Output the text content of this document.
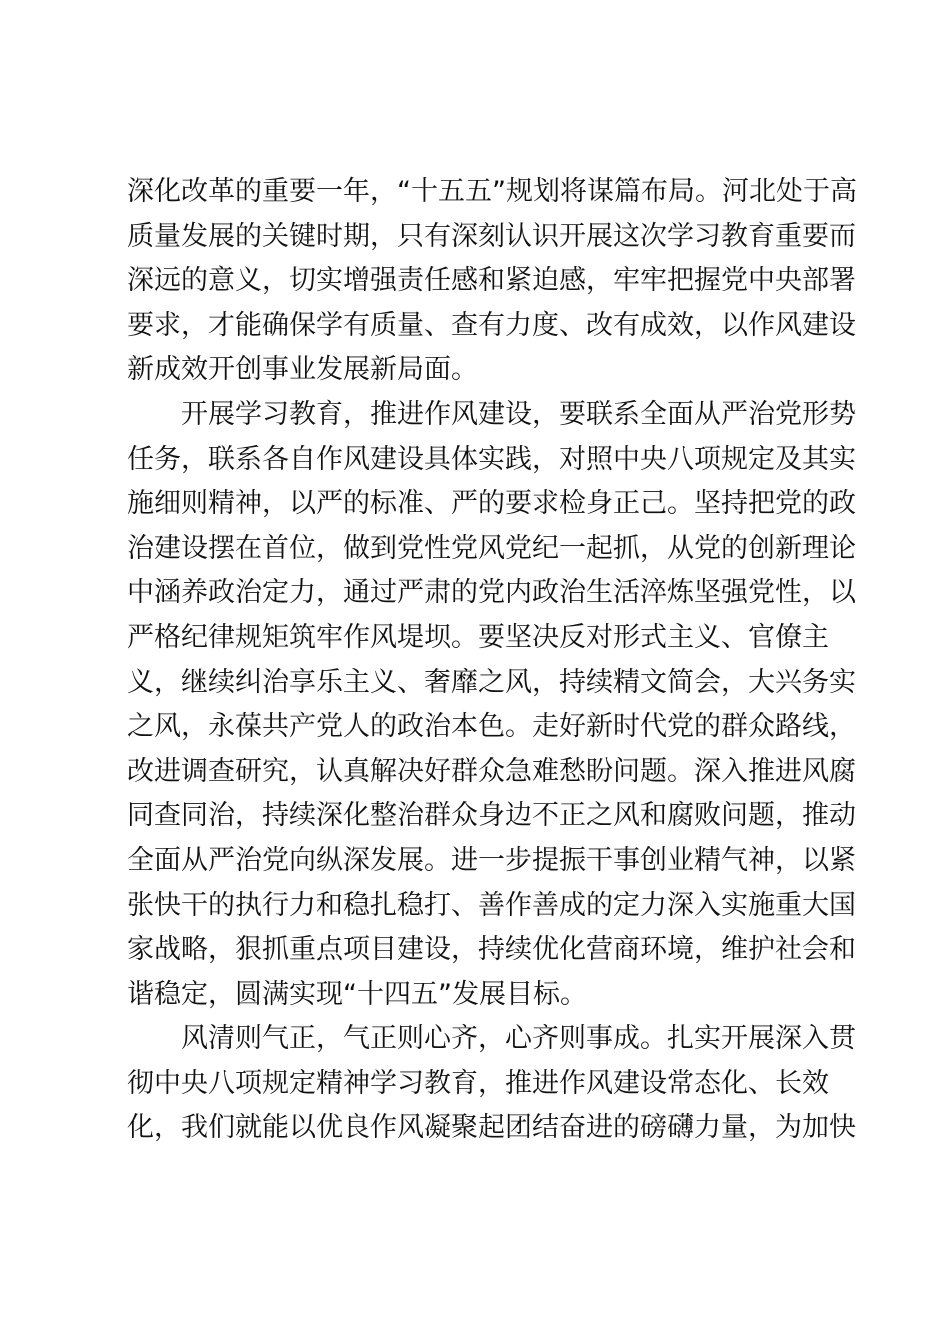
深化改革的重要一年，“十五五”规划将谋篇布局。河北处于高
质量发展的关键时期，只有深刻认识开展这次学习教育重要而
深远的意义，切实增强责任感和紧迫感，牢牢把握党中央部署
要求，才能确保学有质量、查有力度、改有成效，以作风建设
新成效开创事业发展新局面。
　　开展学习教育，推进作风建设，要联系全面从严治党形势
任务，联系各自作风建设具体实践，对照中央八项规定及其实
施细则精神，以严的标准、严的要求检身正己。坚持把党的政
治建设摆在首位，做到党性党风党纪一起抓，从党的创新理论
中涵养政治定力，通过严肃的党内政治生活淬炼坚强党性，以
严格纪律规矩筑牢作风堤坝。要坚决反对形式主义、官僚主
义，继续纠治享乐主义、奢靡之风，持续精文简会，大兴务实
之风，永葆共产党人的政治本色。走好新时代党的群众路线，
改进调查研究，认真解决好群众急难愁盼问题。深入推进风腐
同查同治，持续深化整治群众身边不正之风和腐败问题，推动
全面从严治党向纵深发展。进一步提振干事创业精气神，以紧
张快干的执行力和稳扎稳打、善作善成的定力深入实施重大国
家战略，狠抓重点项目建设，持续优化营商环境，维护社会和
谐稳定，圆满实现“十四五”发展目标。
　　风清则气正，气正则心齐，心齐则事成。扎实开展深入贯
彻中央八项规定精神学习教育，推进作风建设常态化、长效
化，我们就能以优良作风凝聚起团结奋进的磅礴力量，为加快
